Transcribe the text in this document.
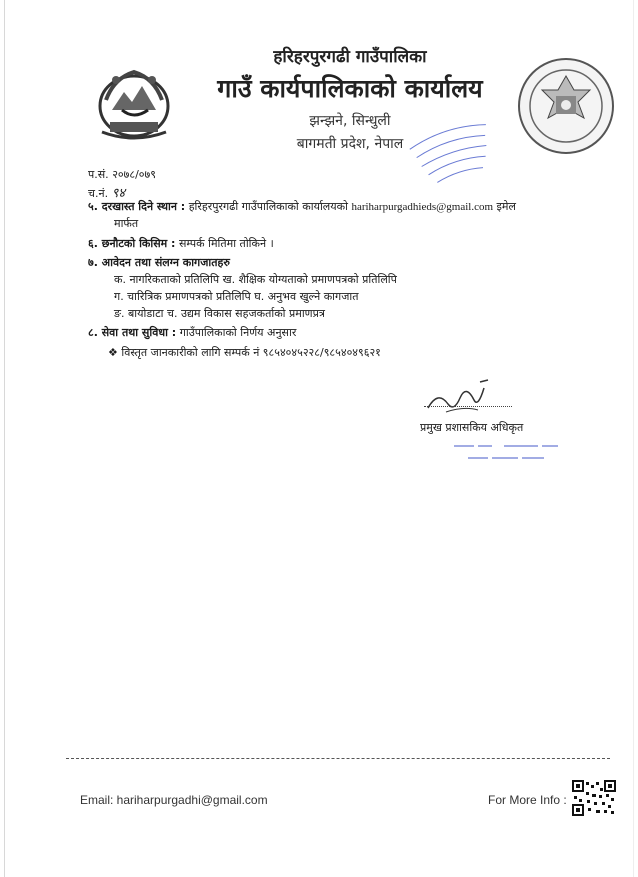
हरिहरपुरगढी गाउँपालिका
गाउँ कार्यपालिकाको कार्यालय
झन्झने, सिन्धुली
बागमती प्रदेश, नेपाल
प.सं. २०७८/०७९
च.नं. ९४
५. दरखास्त दिने स्थान : हरिहरपुरगढी गाउँपालिकाको कार्यालयको hariharpurgadhieds@gmail.com इमेल
मार्फत
६. छनौटको किसिम : सम्पर्क मितिमा तोकिने ।
७. आवेदन तथा संलग्न कागजातहरु
क. नागरिकताको प्रतिलिपि ख. शैक्षिक योग्यताको प्रमाणपत्रको प्रतिलिपि
ग. चारित्रिक प्रमाणपत्रको प्रतिलिपि घ. अनुभव खुल्ने कागजात
ङ. बायोडाटा च. उद्यम विकास सहजकर्ताको प्रमाणप्रत्र
८. सेवा तथा सुविधा : गाउँपालिकाको निर्णय अनुसार
❖ विस्तृत जानकारीको लागि सम्पर्क नं ९८५४०४५२२८/९८५४०४९६२१
प्रमुख प्रशासकिय अधिकृत
Email: hariharpurgadhi@gmail.com	For More Info :
